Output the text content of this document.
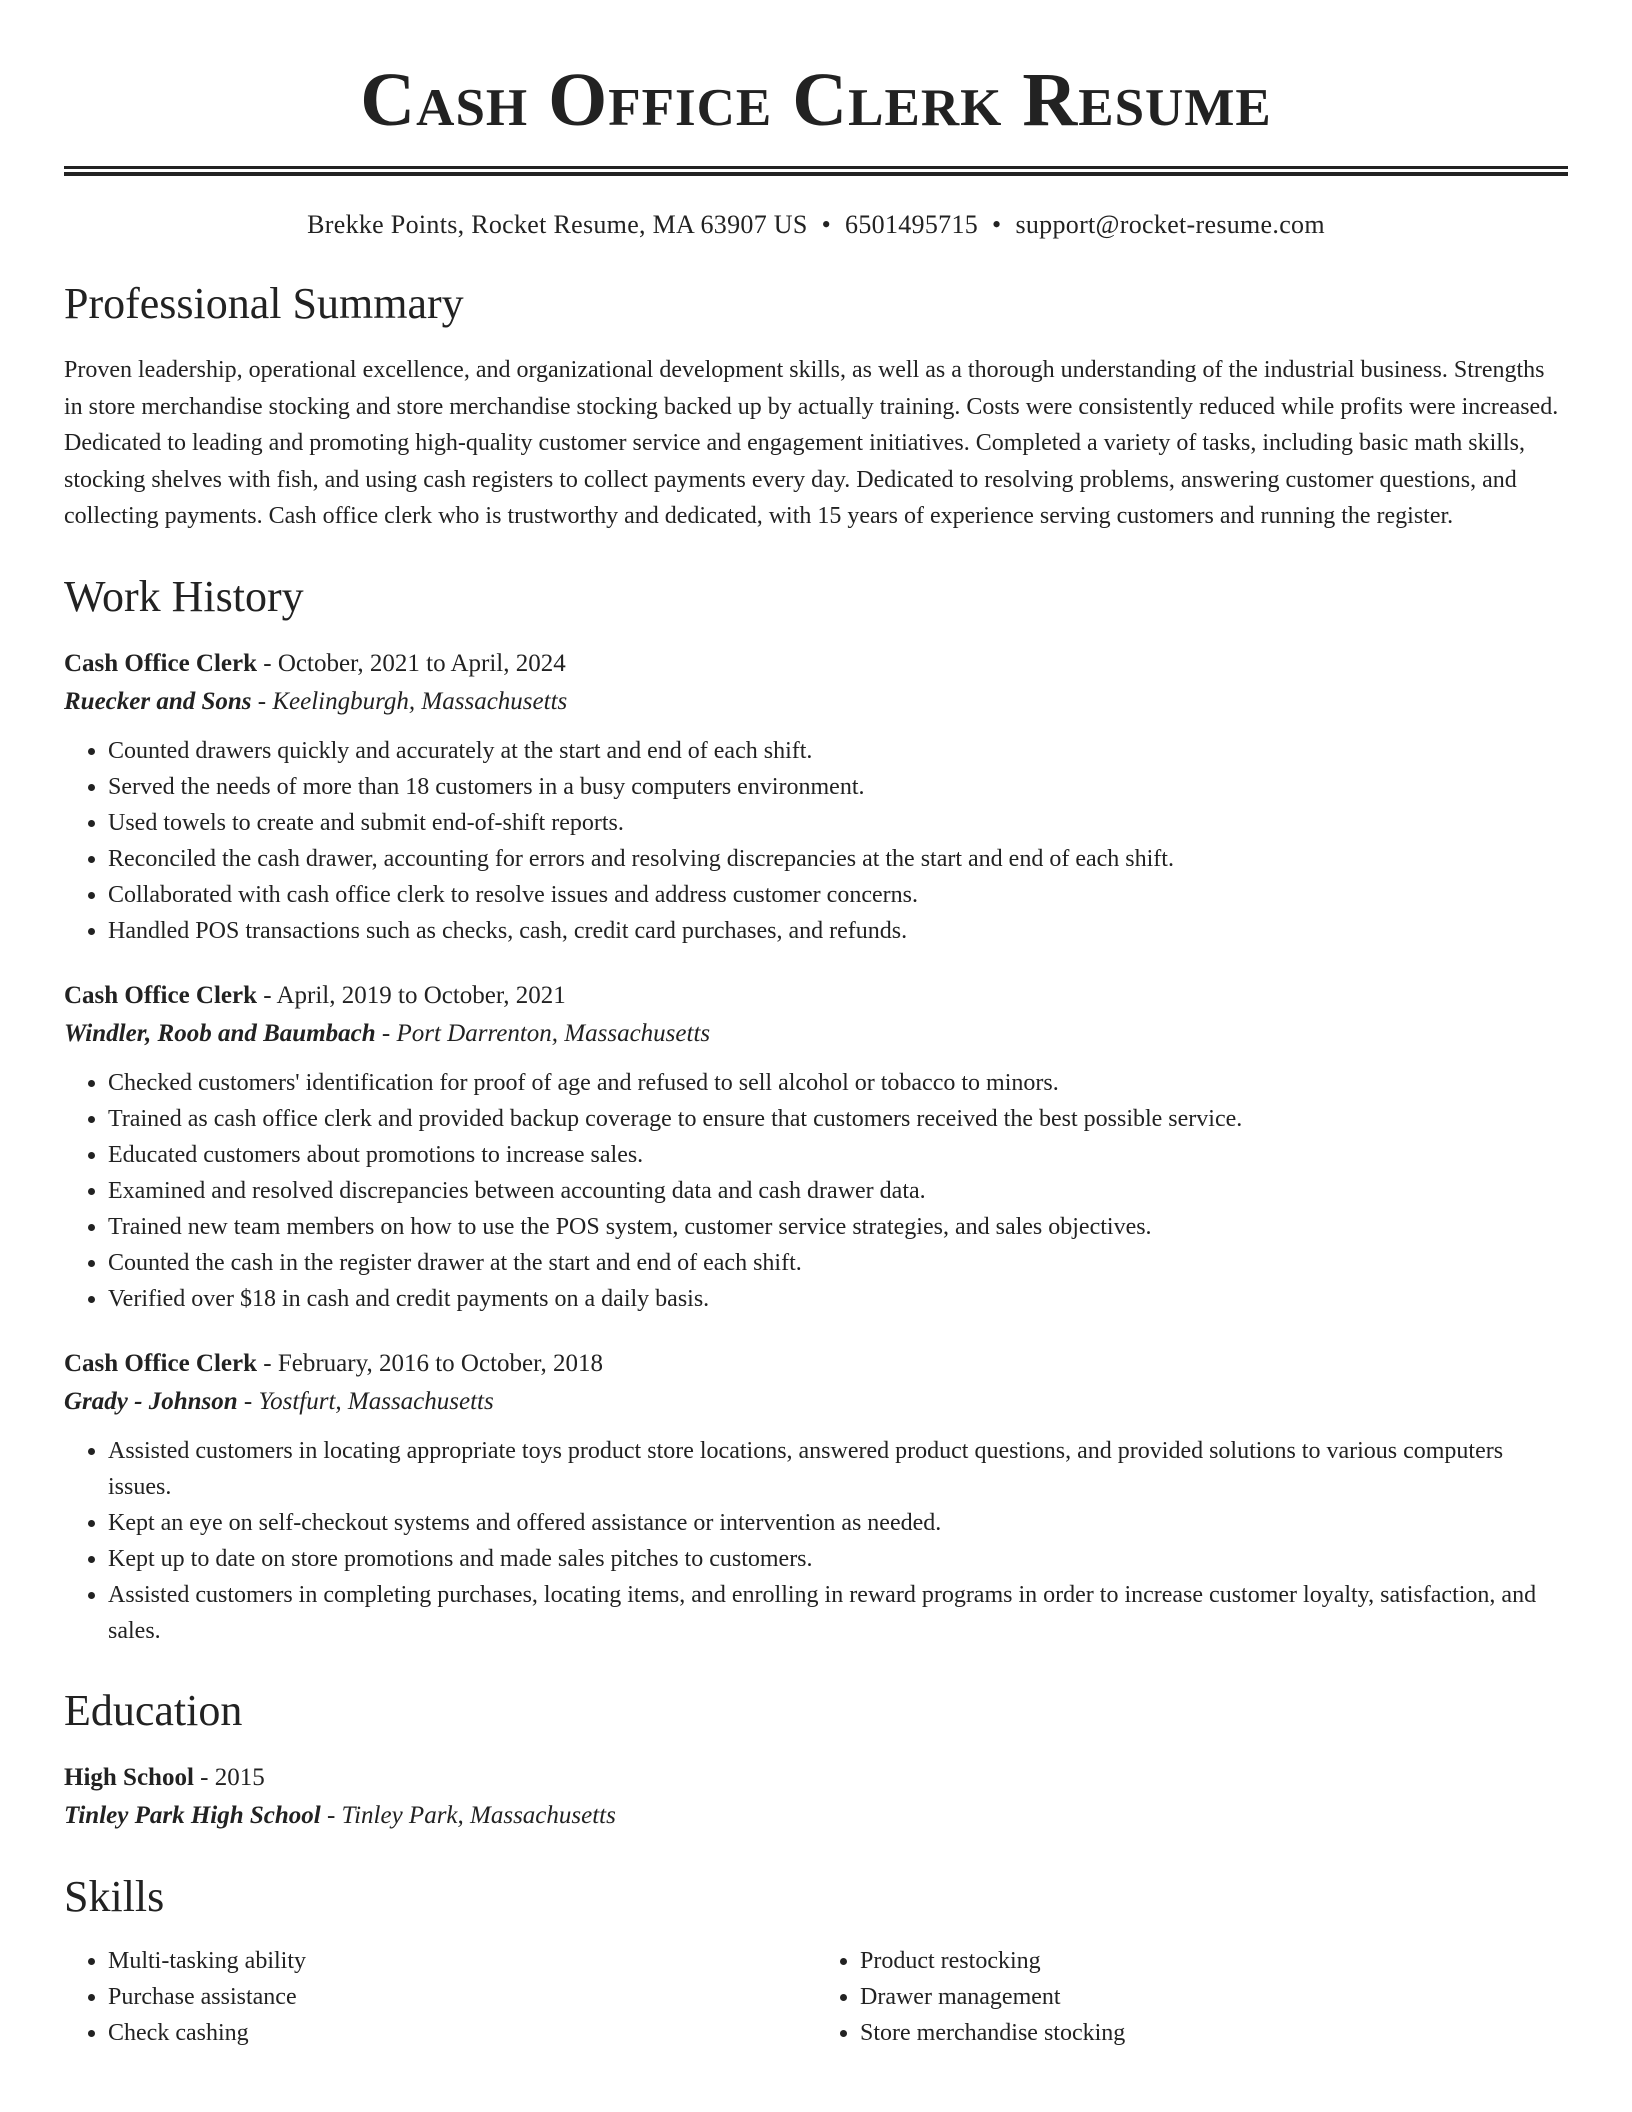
Cash Office Clerk Resume
Brekke Points, Rocket Resume, MA 63907 US • 6501495715 • support@rocket-resume.com
Professional Summary

Proven leadership, operational excellence, and organizational development skills, as well as a thorough understanding of the industrial business. Strengths in store merchandise stocking and store merchandise stocking backed up by actually training. Costs were consistently reduced while profits were increased. Dedicated to leading and promoting high-quality customer service and engagement initiatives. Completed a variety of tasks, including basic math skills, stocking shelves with fish, and using cash registers to collect payments every day. Dedicated to resolving problems, answering customer questions, and collecting payments. Cash office clerk who is trustworthy and dedicated, with 15 years of experience serving customers and running the register.

Work History
Cash Office Clerk - October, 2021 to April, 2024
Ruecker and Sons - Keelingburgh, Massachusetts
• Counted drawers quickly and accurately at the start and end of each shift.
• Served the needs of more than 18 customers in a busy computers environment.
• Used towels to create and submit end-of-shift reports.
• Reconciled the cash drawer, accounting for errors and resolving discrepancies at the start and end of each shift.
• Collaborated with cash office clerk to resolve issues and address customer concerns.
• Handled POS transactions such as checks, cash, credit card purchases, and refunds.
Cash Office Clerk - April, 2019 to October, 2021
Windler, Roob and Baumbach - Port Darrenton, Massachusetts
• Checked customers' identification for proof of age and refused to sell alcohol or tobacco to minors.
• Trained as cash office clerk and provided backup coverage to ensure that customers received the best possible service.
• Educated customers about promotions to increase sales.
• Examined and resolved discrepancies between accounting data and cash drawer data.
• Trained new team members on how to use the POS system, customer service strategies, and sales objectives.
• Counted the cash in the register drawer at the start and end of each shift.
• Verified over $18 in cash and credit payments on a daily basis.
Cash Office Clerk - February, 2016 to October, 2018
Grady - Johnson - Yostfurt, Massachusetts
• Assisted customers in locating appropriate toys product store locations, answered product questions, and provided solutions to various computers issues.
• Kept an eye on self-checkout systems and offered assistance or intervention as needed.
• Kept up to date on store promotions and made sales pitches to customers.
• Assisted customers in completing purchases, locating items, and enrolling in reward programs in order to increase customer loyalty, satisfaction, and sales.
Education
High School - 2015
Tinley Park High School - Tinley Park, Massachusetts
Skills
• Multi-tasking ability
• Purchase assistance
• Check cashing
• Product restocking
• Drawer management
• Store merchandise stocking
